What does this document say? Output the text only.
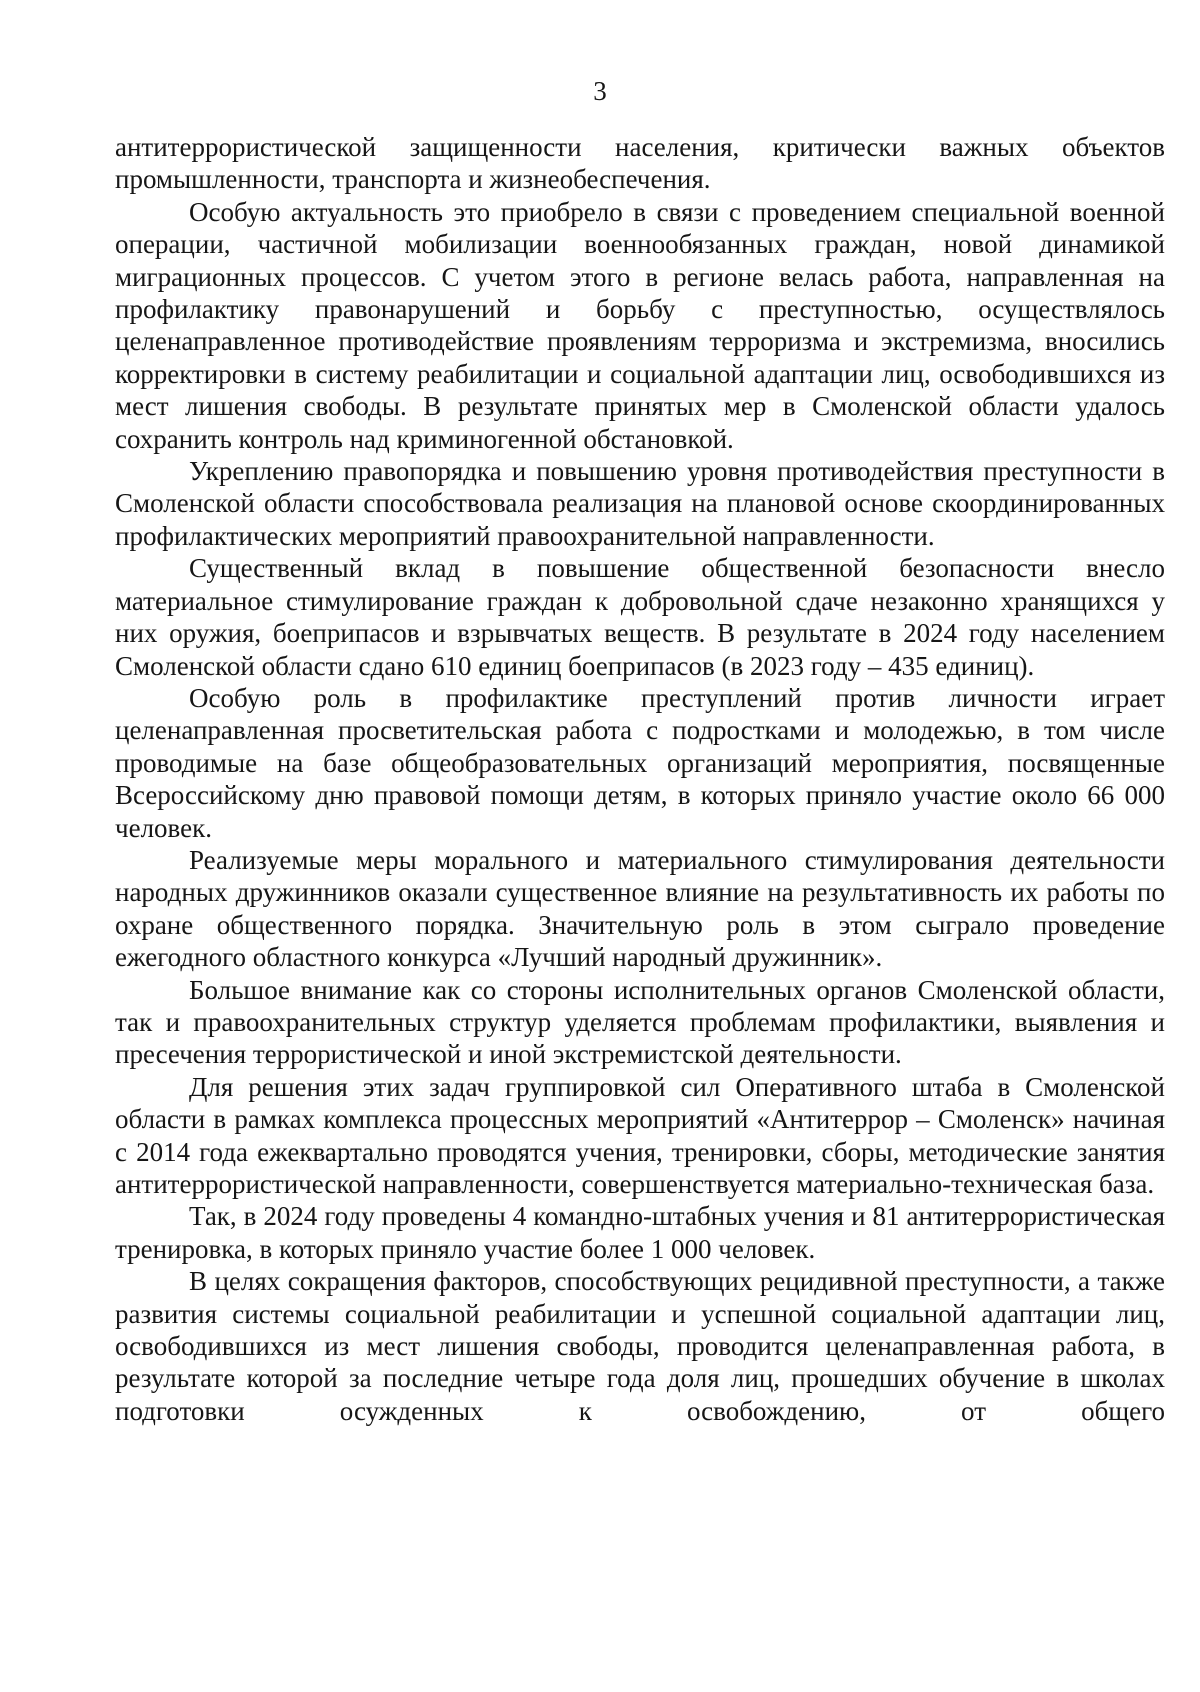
3

антитеррористической защищенности населения, критически важных объектов промышленности, транспорта и жизнеобеспечения.

Особую актуальность это приобрело в связи с проведением специальной военной операции, частичной мобилизации военнообязанных граждан, новой динамикой миграционных процессов. С учетом этого в регионе велась работа, направленная на профилактику правонарушений и борьбу с преступностью, осуществлялось целенаправленное противодействие проявлениям терроризма и экстремизма, вносились корректировки в систему реабилитации и социальной адаптации лиц, освободившихся из мест лишения свободы. В результате принятых мер в Смоленской области удалось сохранить контроль над криминогенной обстановкой.

Укреплению правопорядка и повышению уровня противодействия преступности в Смоленской области способствовала реализация на плановой основе скоординированных профилактических мероприятий правоохранительной направленности.

Существенный вклад в повышение общественной безопасности внесло материальное стимулирование граждан к добровольной сдаче незаконно хранящихся у них оружия, боеприпасов и взрывчатых веществ. В результате в 2024 году населением Смоленской области сдано 610 единиц боеприпасов (в 2023 году – 435 единиц).

Особую роль в профилактике преступлений против личности играет целенаправленная просветительская работа с подростками и молодежью, в том числе проводимые на базе общеобразовательных организаций мероприятия, посвященные Всероссийскому дню правовой помощи детям, в которых приняло участие около 66 000 человек.

Реализуемые меры морального и материального стимулирования деятельности народных дружинников оказали существенное влияние на результативность их работы по охране общественного порядка. Значительную роль в этом сыграло проведение ежегодного областного конкурса «Лучший народный дружинник».

Большое внимание как со стороны исполнительных органов Смоленской области, так и правоохранительных структур уделяется проблемам профилактики, выявления и пресечения террористической и иной экстремистской деятельности.

Для решения этих задач группировкой сил Оперативного штаба в Смоленской области в рамках комплекса процессных мероприятий «Антитеррор – Смоленск» начиная с 2014 года ежеквартально проводятся учения, тренировки, сборы, методические занятия антитеррористической направленности, совершенствуется материально-техническая база.

Так, в 2024 году проведены 4 командно-штабных учения и 81 антитеррористическая тренировка, в которых приняло участие более 1 000 человек.

В целях сокращения факторов, способствующих рецидивной преступности, а также развития системы социальной реабилитации и успешной социальной адаптации лиц, освободившихся из мест лишения свободы, проводится целенаправленная работа, в результате которой за последние четыре года доля лиц, прошедших обучение в школах подготовки осужденных к освобождению, от общего
